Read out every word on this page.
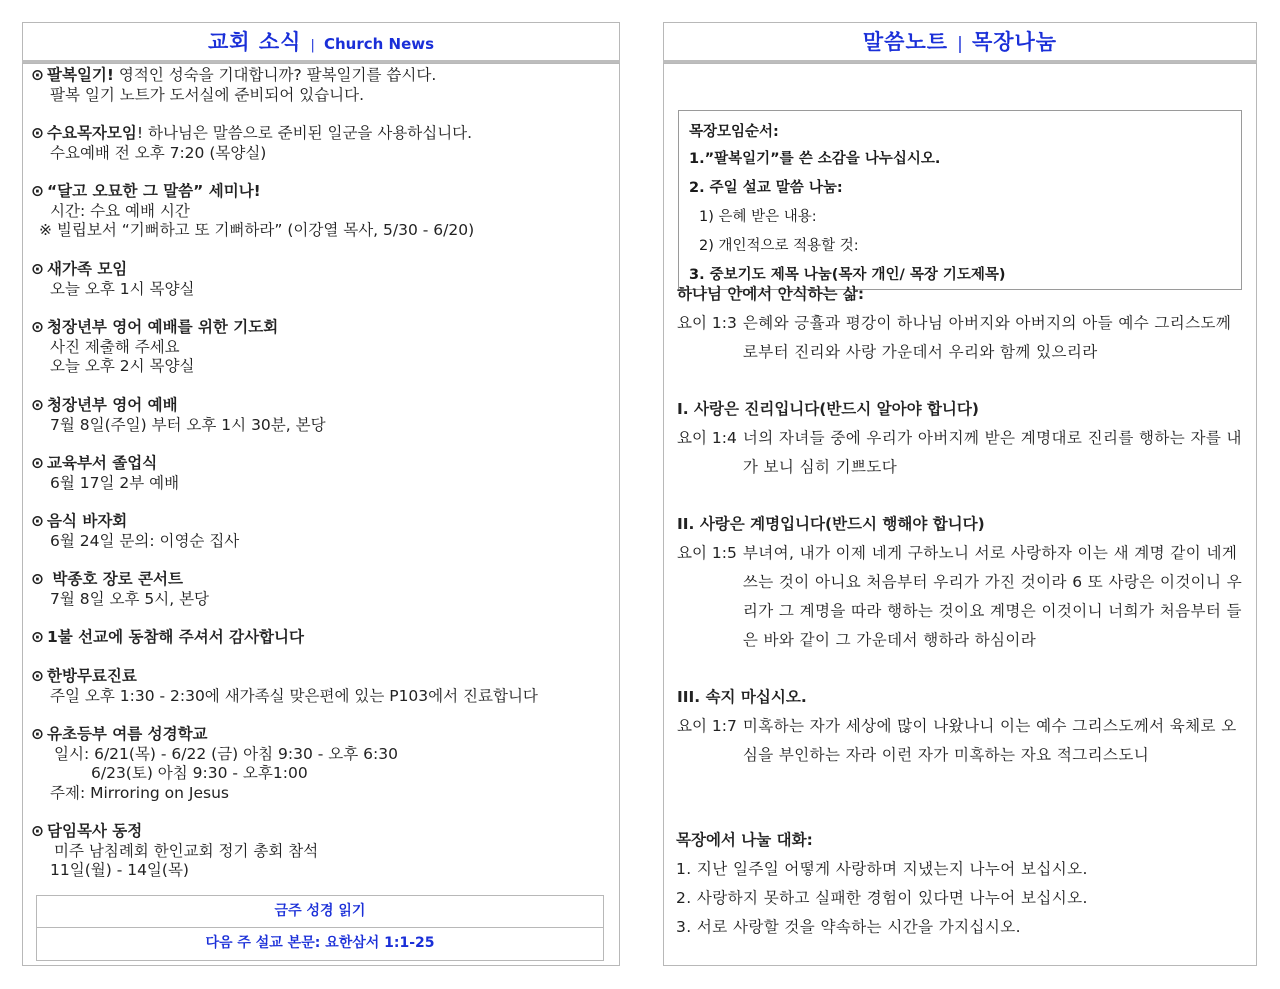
교회 소식 | Church News
⊙ 팔복일기! 영적인 성숙을 기대합니까? 팔복일기를 씁시다.
팔복 일기 노트가 도서실에 준비되어 있습니다.
⊙ 수요목자모임! 하나님은 말씀으로 준비된 일군을 사용하십니다.
수요예배 전 오후 7:20 (목양실)
⊙ “달고 오묘한 그 말씀” 세미나!
시간: 수요 예배 시간
※ 빌립보서 “기뻐하고 또 기뻐하라” (이강열 목사, 5/30 - 6/20)
⊙ 새가족 모임
오늘 오후 1시 목양실
⊙ 청장년부 영어 예배를 위한 기도회
사진 제출해 주세요
오늘 오후 2시 목양실
⊙ 청장년부 영어 예배
7월 8일(주일) 부터 오후 1시 30분, 본당
⊙ 교육부서 졸업식
6월 17일 2부 예배
⊙ 음식 바자회
6월 24일 문의: 이영순 집사
⊙ 박종호 장로 콘서트
7월 8일 오후 5시, 본당
⊙ 1불 선교에 동참해 주셔서 감사합니다
⊙ 한방무료진료
주일 오후 1:30 - 2:30에 새가족실 맞은편에 있는 P103에서 진료합니다
⊙ 유초등부 여름 성경학교
일시: 6/21(목) - 6/22 (금) 아침 9:30 - 오후 6:30
6/23(토) 아침 9:30 - 오후1:00
주제: Mirroring on Jesus
⊙ 담임목사 동정
미주 남침례회 한인교회 정기 총회 참석
11일(월) - 14일(목)
금주 성경 읽기
다음 주 설교 본문: 요한삼서 1:1-25
말씀노트 | 목장나눔
목장모임순서:
1.”팔복일기”를 쓴 소감을 나누십시오.
2. 주일 설교 말씀 나눔:
1) 은혜 받은 내용:
2) 개인적으로 적용할 것:
3. 중보기도 제목 나눔(목자 개인/ 목장 기도제목)
하나님 안에서 안식하는 삶:
요이 1:3 은혜와 긍휼과 평강이 하나님 아버지와 아버지의 아들 예수 그리스도께로부터 진리와 사랑 가운데서 우리와 함께 있으리라
I. 사랑은 진리입니다(반드시 알아야 합니다)
요이 1:4 너의 자녀들 중에 우리가 아버지께 받은 계명대로 진리를 행하는 자를 내가 보니 심히 기쁘도다
II. 사랑은 계명입니다(반드시 행해야 합니다)
요이 1:5 부녀여, 내가 이제 네게 구하노니 서로 사랑하자 이는 새 계명 같이 네게 쓰는 것이 아니요 처음부터 우리가 가진 것이라 6 또 사랑은 이것이니 우리가 그 계명을 따라 행하는 것이요 계명은 이것이니 너희가 처음부터 들은 바와 같이 그 가운데서 행하라 하심이라
III. 속지 마십시오.
요이 1:7 미혹하는 자가 세상에 많이 나왔나니 이는 예수 그리스도께서 육체로 오심을 부인하는 자라 이런 자가 미혹하는 자요 적그리스도니
목장에서 나눌 대화:
1. 지난 일주일 어떻게 사랑하며 지냈는지 나누어 보십시오.
2. 사랑하지 못하고 실패한 경험이 있다면 나누어 보십시오.
3. 서로 사랑할 것을 약속하는 시간을 가지십시오.
